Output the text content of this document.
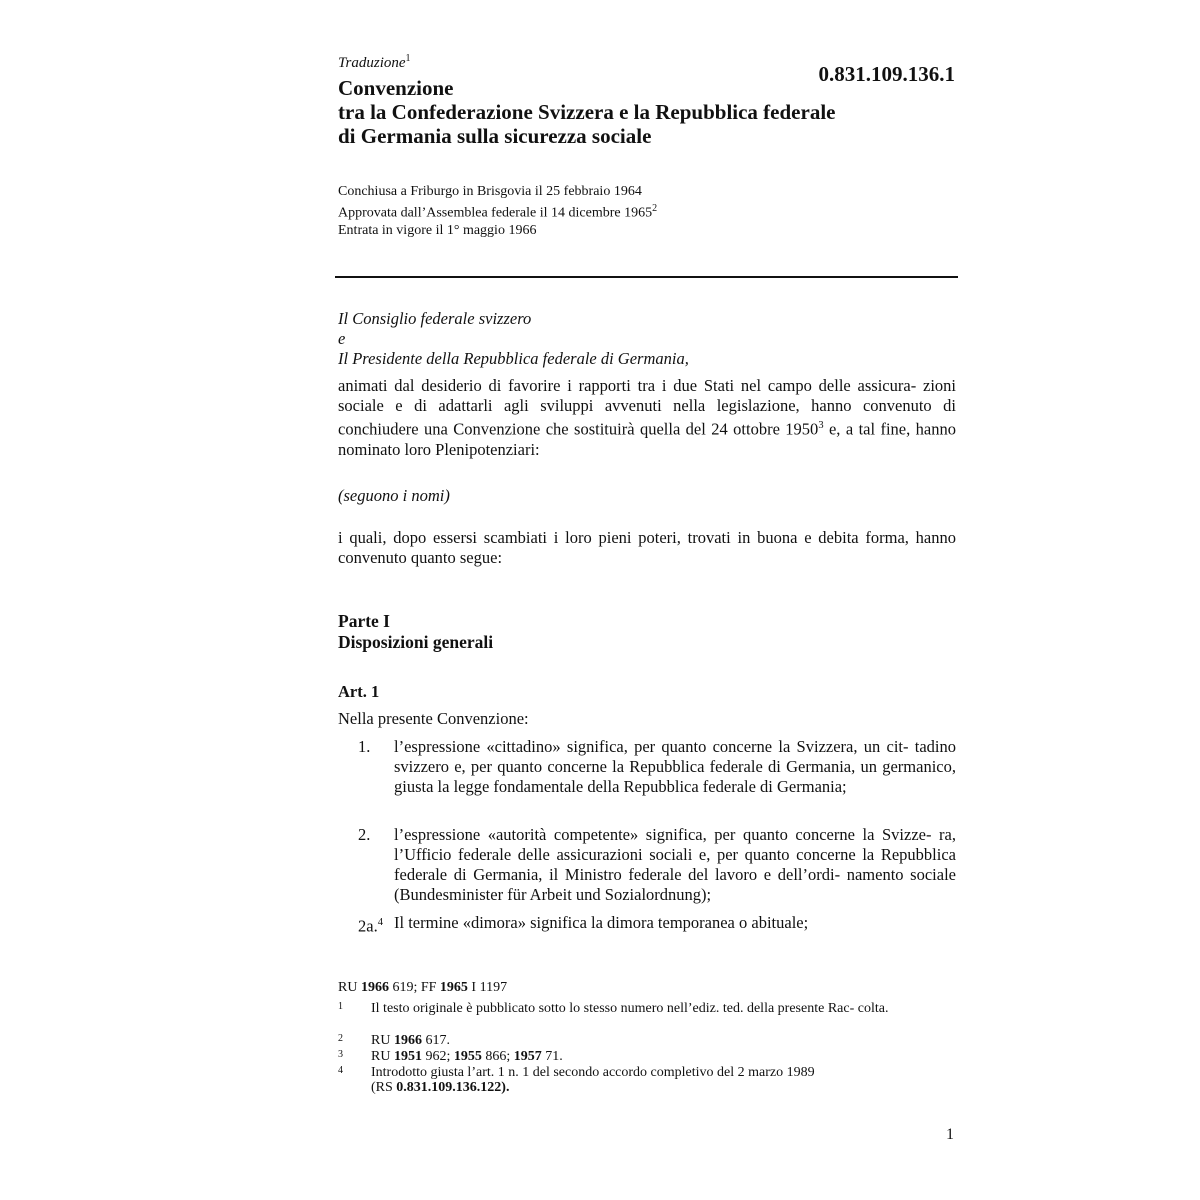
Traduzione$^1$
0.831.109.136.1
Convenzione
tra la Confederazione Svizzera e la Repubblica federale
di Germania sulla sicurezza sociale
Conchiusa a Friburgo in Brisgovia il 25 febbraio 1964
Approvata dall’Assemblea federale il 14 dicembre 1965$^2$
Entrata in vigore il 1° maggio 1966
Il Consiglio federale svizzero
e
Il Presidente della Repubblica federale di Germania,
animati dal desiderio di favorire i rapporti tra i due Stati nel campo delle assicura- zioni sociale e di adattarli agli sviluppi avvenuti nella legislazione, hanno convenuto di conchiudere una Convenzione che sostituirà quella del 24 ottobre 1950$^3$ e, a tal fine, hanno nominato loro Plenipotenziari:
(seguono i nomi)
i quali, dopo essersi scambiati i loro pieni poteri, trovati in buona e debita forma, hanno convenuto quanto segue:
Parte I
Disposizioni generali
Art. 1
Nella presente Convenzione:
1. l’espressione «cittadino» significa, per quanto concerne la Svizzera, un cit- tadino svizzero e, per quanto concerne la Repubblica federale di Germania, un germanico, giusta la legge fondamentale della Repubblica federale di Germania;
2. l’espressione «autorità competente» significa, per quanto concerne la Svizze- ra, l’Ufficio federale delle assicurazioni sociali e, per quanto concerne la Repubblica federale di Germania, il Ministro federale del lavoro e dell’ordi- namento sociale (Bundesminister für Arbeit und Sozialordnung);
2a.$^4$ Il termine «dimora» significa la dimora temporanea o abituale;
RU 1966 619; FF 1965 I 1197
1 Il testo originale è pubblicato sotto lo stesso numero nell’ediz. ted. della presente Rac- colta.
2 RU 1966 617.
3 RU 1951 962; 1955 866; 1957 71.
4 Introdotto giusta l’art. 1 n. 1 del secondo accordo completivo del 2 marzo 1989
(RS 0.831.109.136.122).
1
